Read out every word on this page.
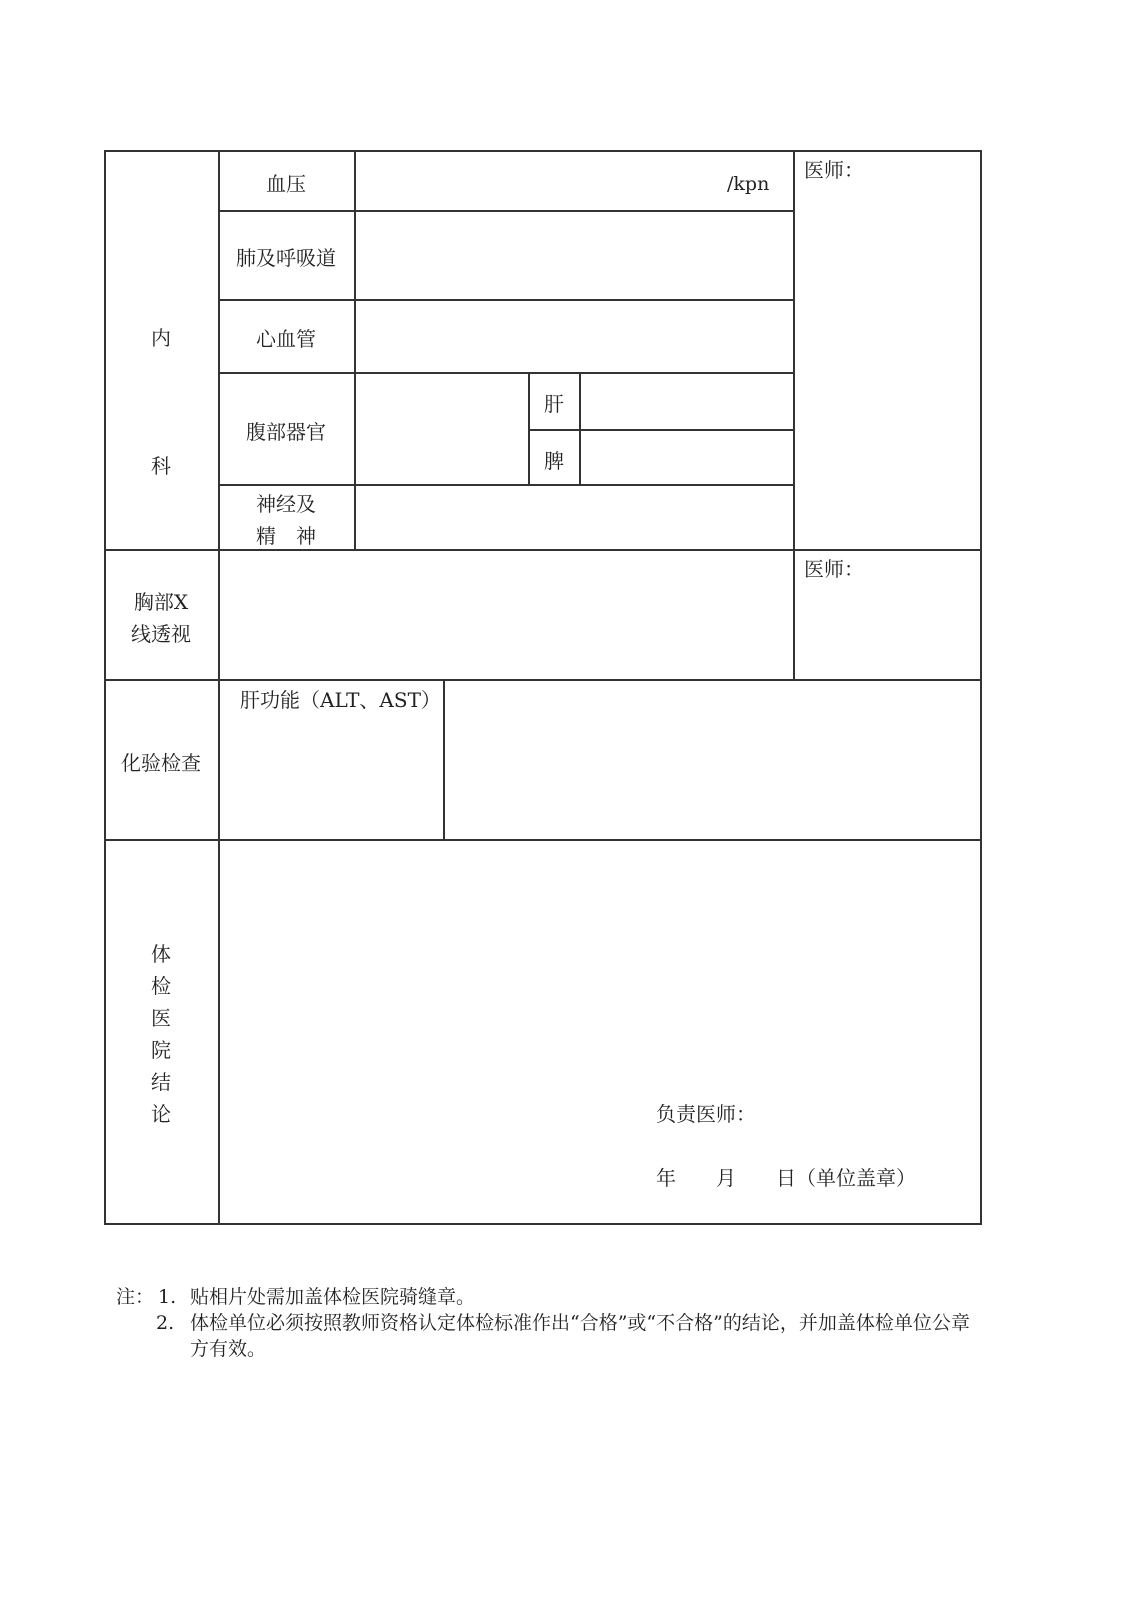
内科
血压	/kpn
肺及呼吸道
心血管
腹部器官
肝
脾
神经及
精　神
医师：
胸部X
线透视
医师：
化验检查
肝功能（ALT、AST）
体检医院结论	负责医师：
年　　月　　日（单位盖章）
注： 1. 贴相片处需加盖体检医院骑缝章。
2. 体检单位必须按照教师资格认定体检标准作出“合格”或“不合格”的结论，并加盖体检单位公章方有效。
